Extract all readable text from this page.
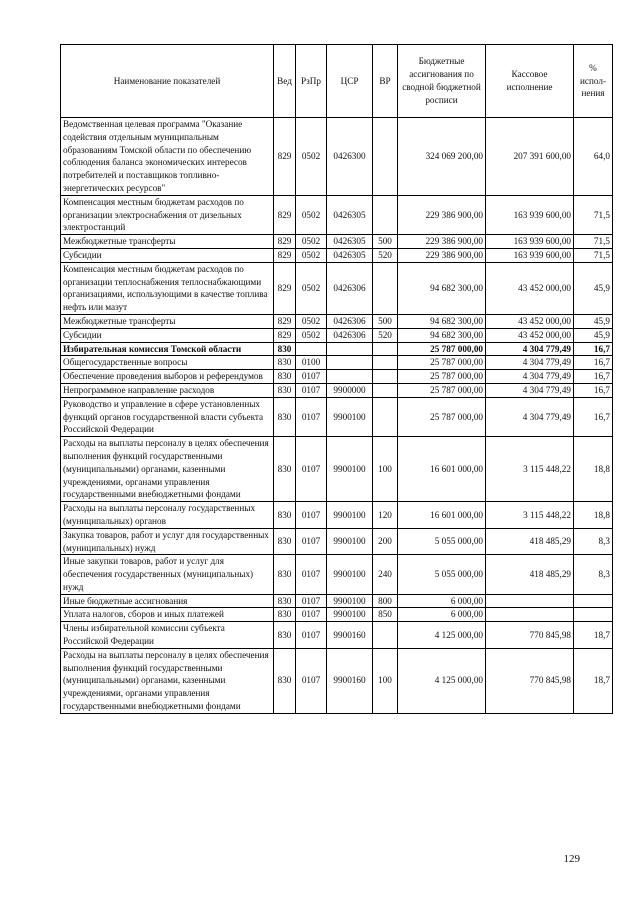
Наименование показателей	Вед	РзПр	ЦСР	ВР	Бюджетные ассигнования по сводной бюджетной росписи	Кассовое исполнение	% испол-нения
Ведомственная целевая программа "Оказание содействия отдельным муниципальным образованиям Томской области по обеспечению соблюдения баланса экономических интересов потребителей и поставщиков топливно-энергетических ресурсов"	829	0502	0426300		324 069 200,00	207 391 600,00	64,0
Компенсация местным бюджетам расходов по организации электроснабжения от дизельных электростанций	829	0502	0426305		229 386 900,00	163 939 600,00	71,5
Межбюджетные трансферты	829	0502	0426305	500	229 386 900,00	163 939 600,00	71,5
Субсидии	829	0502	0426305	520	229 386 900,00	163 939 600,00	71,5
Компенсация местным бюджетам расходов по организации теплоснабжения теплоснабжающими организациями, использующими в качестве топлива нефть или мазут	829	0502	0426306		94 682 300,00	43 452 000,00	45,9
Межбюджетные трансферты	829	0502	0426306	500	94 682 300,00	43 452 000,00	45,9
Субсидии	829	0502	0426306	520	94 682 300,00	43 452 000,00	45,9
Избирательная комиссия Томской области	830				25 787 000,00	4 304 779,49	16,7
Общегосударственные вопросы	830	0100			25 787 000,00	4 304 779,49	16,7
Обеспечение проведения выборов и референдумов	830	0107			25 787 000,00	4 304 779,49	16,7
Непрограммное направление расходов	830	0107	9900000		25 787 000,00	4 304 779,49	16,7
Руководство и управление в сфере установленных функций органов государственной власти субъекта Российской Федерации	830	0107	9900100		25 787 000,00	4 304 779,49	16,7
Расходы на выплаты персоналу в целях обеспечения выполнения функций государственными (муниципальными) органами, казенными учреждениями, органами управления государственными внебюджетными фондами	830	0107	9900100	100	16 601 000,00	3 115 448,22	18,8
Расходы на выплаты персоналу государственных (муниципальных) органов	830	0107	9900100	120	16 601 000,00	3 115 448,22	18,8
Закупка товаров, работ и услуг для государственных (муниципальных) нужд	830	0107	9900100	200	5 055 000,00	418 485,29	8,3
Иные закупки товаров, работ и услуг для обеспечения государственных (муниципальных) нужд	830	0107	9900100	240	5 055 000,00	418 485,29	8,3
Иные бюджетные ассигнования	830	0107	9900100	800	6 000,00		
Уплата налогов, сборов и иных платежей	830	0107	9900100	850	6 000,00		
Члены избирательной комиссии субъекта Российской Федерации	830	0107	9900160		4 125 000,00	770 845,98	18,7
Расходы на выплаты персоналу в целях обеспечения выполнения функций государственными (муниципальными) органами, казенными учреждениями, органами управления государственными внебюджетными фондами	830	0107	9900160	100	4 125 000,00	770 845,98	18,7
129
